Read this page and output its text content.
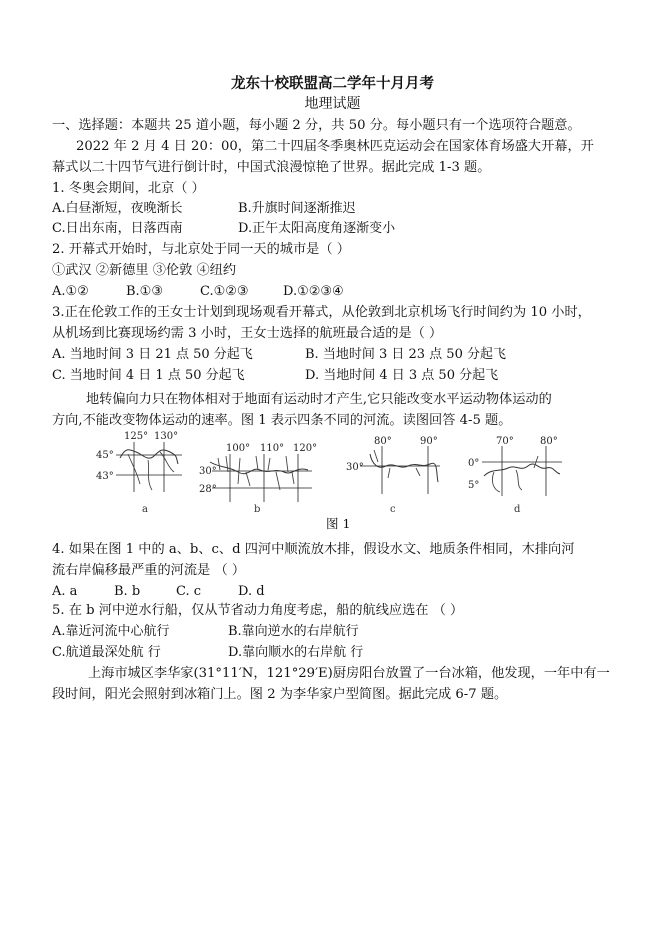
龙东十校联盟高二学年十月月考
地理试题
一、选择题：本题共 25 道小题，每小题 2 分，共 50 分。每小题只有一个选项符合题意。
2022 年 2 月 4 日 20：00，第二十四届冬季奥林匹克运动会在国家体育场盛大开幕，开
幕式以二十四节气进行倒计时，中国式浪漫惊艳了世界。据此完成 1-3 题。
1. 冬奥会期间，北京（ ）
A.白昼渐短，夜晚渐长	B.升旗时间逐渐推迟
C.日出东南，日落西南	D.正午太阳高度角逐渐变小
2. 开幕式开始时，与北京处于同一天的城市是（ ）
①武汉 ②新德里 ③伦敦 ④纽约
A.①②	B.①③	C.①②③	D.①②③④
3.正在伦敦工作的王女士计划到现场观看开幕式，从伦敦到北京机场飞行时间约为 10 小时，
从机场到比赛现场约需 3 小时，王女士选择的航班最合适的是（ ）
A. 当地时间 3 日 21 点 50 分起飞	B. 当地时间 3 日 23 点 50 分起飞
C. 当地时间 4 日 1 点 50 分起飞	D. 当地时间 4 日 3 点 50 分起飞
地转偏向力只在物体相对于地面有运动时才产生,它只能改变水平运动物体运动的
方向,不能改变物体运动的速率。图 1 表示四条不同的河流。读图回答 4-5 题。
125° 130°
45°
43°
a
100° 110° 120°
30°
28°
b
80°	90°
30°
c
70°	80°
0°
5°
d
图 1
4. 如果在图 1 中的 a、b、c、d 四河中顺流放木排，假设水文、地质条件相同，木排向河
流右岸偏移最严重的河流是 （ ）
A. a	B. b	C. c	D. d
5. 在 b 河中逆水行船，仅从节省动力角度考虑，船的航线应选在 （ ）
A.靠近河流中心航行	B.靠向逆水的右岸航行
C.航道最深处航 行	D.靠向顺水的右岸航 行
上海市城区李华家(31°11′N，121°29′E)厨房阳台放置了一台冰箱，他发现，一年中有一
段时间，阳光会照射到冰箱门上。图 2 为李华家户型简图。据此完成 6-7 题。
